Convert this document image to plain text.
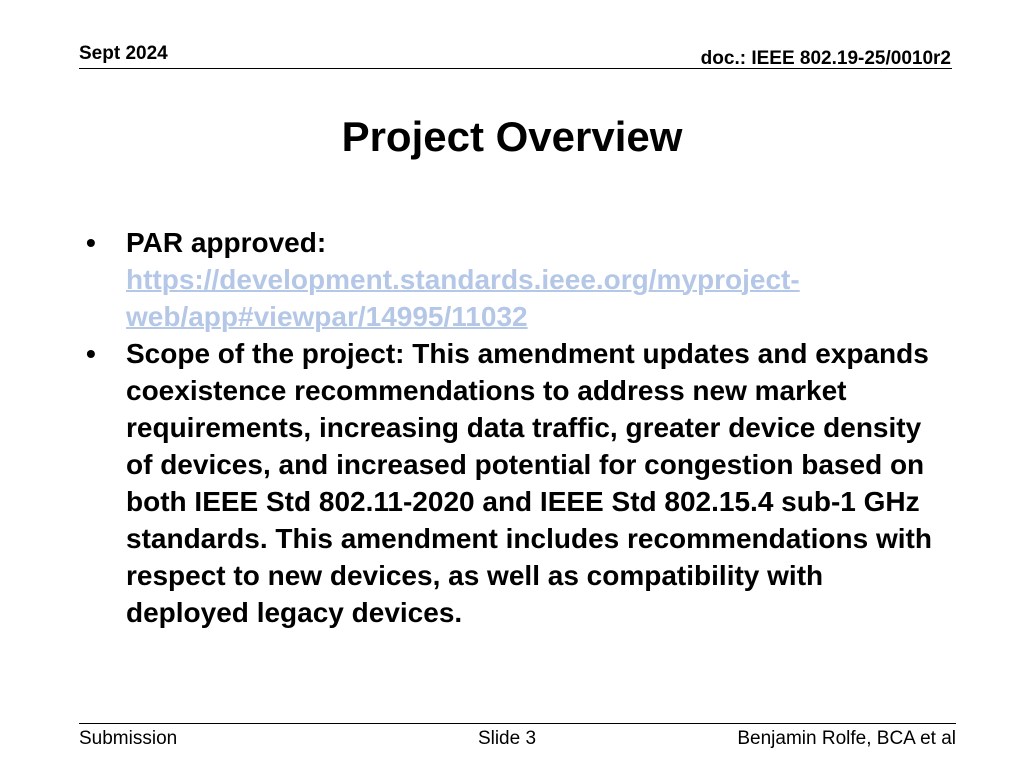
Sept 2024	doc.: IEEE 802.19-25/0010r2
Project Overview
• PAR approved:
https://development.standards.ieee.org/myproject-web/app#viewpar/14995/11032
• Scope of the project: This amendment updates and expands coexistence recommendations to address new market requirements, increasing data traffic, greater device density of devices, and increased potential for congestion based on both IEEE Std 802.11-2020 and IEEE Std 802.15.4 sub-1 GHz standards. This amendment includes recommendations with respect to new devices, as well as compatibility with deployed legacy devices.
Submission	Slide 3	Benjamin Rolfe, BCA et al
